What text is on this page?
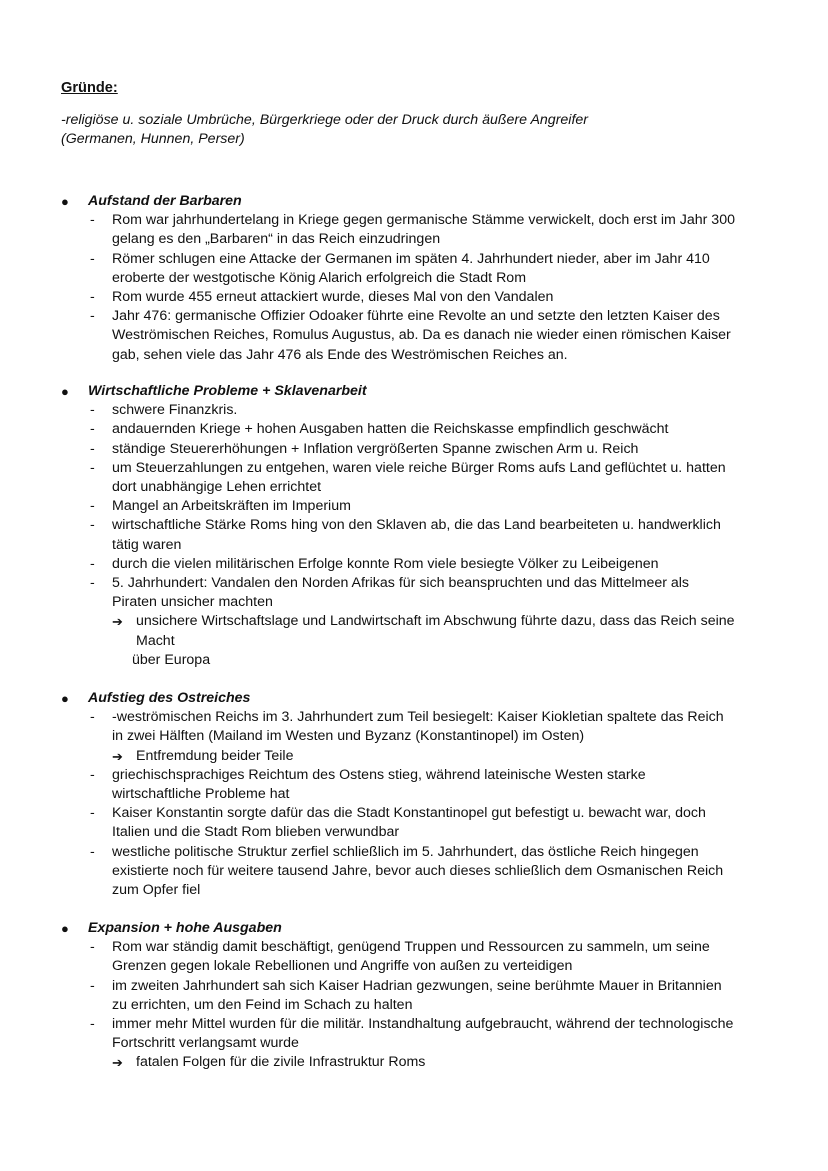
Gründe:
-religiöse u. soziale Umbrüche, Bürgerkriege oder der Druck durch äußere Angreifer
(Germanen, Hunnen, Perser)
● Aufstand der Barbaren
- Rom war jahrhundertelang in Kriege gegen germanische Stämme verwickelt, doch erst im Jahr 300
gelang es den „Barbaren“ in das Reich einzudringen
- Römer schlugen eine Attacke der Germanen im späten 4. Jahrhundert nieder, aber im Jahr 410
eroberte der westgotische König Alarich erfolgreich die Stadt Rom
- Rom wurde 455 erneut attackiert wurde, dieses Mal von den Vandalen
- Jahr 476: germanische Offizier Odoaker führte eine Revolte an und setzte den letzten Kaiser des
Weströmischen Reiches, Romulus Augustus, ab. Da es danach nie wieder einen römischen Kaiser
gab, sehen viele das Jahr 476 als Ende des Weströmischen Reiches an.
● Wirtschaftliche Probleme + Sklavenarbeit
- schwere Finanzkris.
- andauernden Kriege + hohen Ausgaben hatten die Reichskasse empfindlich geschwächt
- ständige Steuererhöhungen + Inflation vergrößerten Spanne zwischen Arm u. Reich
- um Steuerzahlungen zu entgehen, waren viele reiche Bürger Roms aufs Land geflüchtet u. hatten
dort unabhängige Lehen errichtet
- Mangel an Arbeitskräften im Imperium
- wirtschaftliche Stärke Roms hing von den Sklaven ab, die das Land bearbeiteten u. handwerklich
tätig waren
- durch die vielen militärischen Erfolge konnte Rom viele besiegte Völker zu Leibeigenen
- 5. Jahrhundert: Vandalen den Norden Afrikas für sich beanspruchten und das Mittelmeer als
Piraten unsicher machten
➔ unsichere Wirtschaftslage und Landwirtschaft im Abschwung führte dazu, dass das Reich seine
Macht
über Europa
● Aufstieg des Ostreiches
- -weströmischen Reichs im 3. Jahrhundert zum Teil besiegelt: Kaiser Kiokletian spaltete das Reich
in zwei Hälften (Mailand im Westen und Byzanz (Konstantinopel) im Osten)
➔ Entfremdung beider Teile
- griechischsprachiges Reichtum des Ostens stieg, während lateinische Westen starke
wirtschaftliche Probleme hat
- Kaiser Konstantin sorgte dafür das die Stadt Konstantinopel gut befestigt u. bewacht war, doch
Italien und die Stadt Rom blieben verwundbar
- westliche politische Struktur zerfiel schließlich im 5. Jahrhundert, das östliche Reich hingegen
existierte noch für weitere tausend Jahre, bevor auch dieses schließlich dem Osmanischen Reich
zum Opfer fiel
● Expansion + hohe Ausgaben
- Rom war ständig damit beschäftigt, genügend Truppen und Ressourcen zu sammeln, um seine
Grenzen gegen lokale Rebellionen und Angriffe von außen zu verteidigen
- im zweiten Jahrhundert sah sich Kaiser Hadrian gezwungen, seine berühmte Mauer in Britannien
zu errichten, um den Feind im Schach zu halten
- immer mehr Mittel wurden für die militär. Instandhaltung aufgebraucht, während der technologische
Fortschritt verlangsamt wurde
➔ fatalen Folgen für die zivile Infrastruktur Roms
